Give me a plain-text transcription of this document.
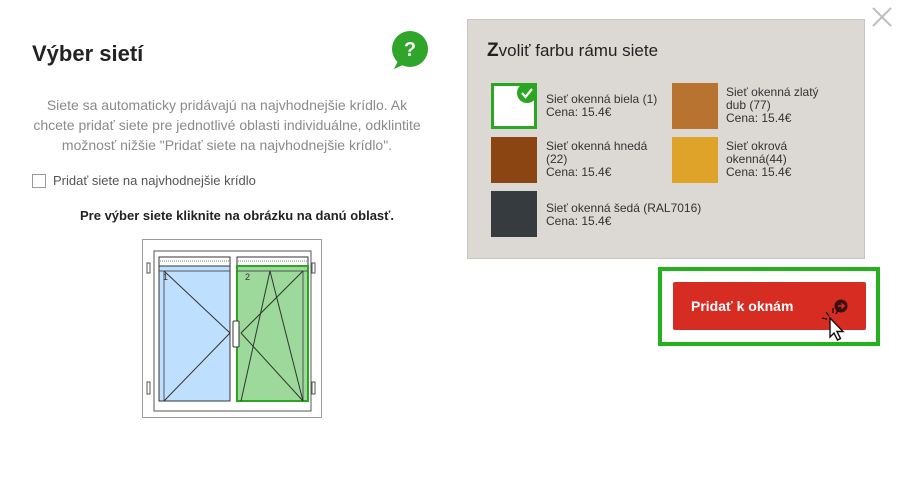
Výber sietí	?
Siete sa automaticky pridávajú na najvhodnejšie krídlo. Ak chcete pridať siete pre jednotlivé oblasti individuálne, odklintite možnosť nižšie "Pridať siete na najvhodnejšie krídlo".
Pridať siete na najvhodnejšie krídlo
Pre výber siete kliknite na obrázku na danú oblasť.
1	2
Zvoliť farbu rámu siete
Sieť okenná biela (1)
Cena: 15.4€
Sieť okenná zlatý dub (77)
Cena: 15.4€
Sieť okenná hnedá (22)
Cena: 15.4€
Sieť okrová okenná(44)
Cena: 15.4€
Sieť okenná šedá (RAL7016)
Cena: 15.4€
Pridať k oknám
